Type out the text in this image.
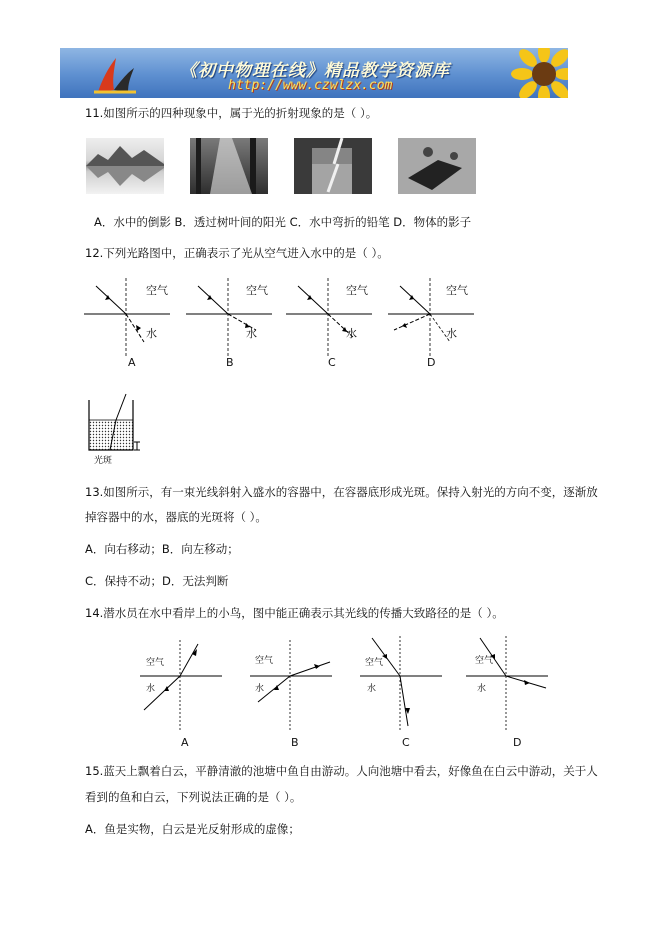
《初中物理在线》精品教学资源库
http://www.czwlzx.com
11.如图所示的四种现象中，属于光的折射现象的是（ ）。
A．水中的倒影 B．透过树叶间的阳光 C．水中弯折的铅笔 D．物体的影子
12.下列光路图中，正确表示了光从空气进入水中的是（ ）。
空气
水
A
空气
水
B
空气
水
C
空气
水
D
光斑
13.如图所示，有一束光线斜射入盛水的容器中，在容器底形成光斑。保持入射光的方向不变，逐渐放
掉容器中的水，器底的光斑将（ ）。
A．向右移动；B．向左移动；
C．保持不动；D．无法判断
14.潜水员在水中看岸上的小鸟，图中能正确表示其光线的传播大致路径的是（ ）。
空气
水
A
空气
水
B
空气
水
C
空气
水
D
15.蓝天上飘着白云，平静清澈的池塘中鱼自由游动。人向池塘中看去，好像鱼在白云中游动，关于人
看到的鱼和白云，下列说法正确的是（ ）。
A．鱼是实物，白云是光反射形成的虚像；
